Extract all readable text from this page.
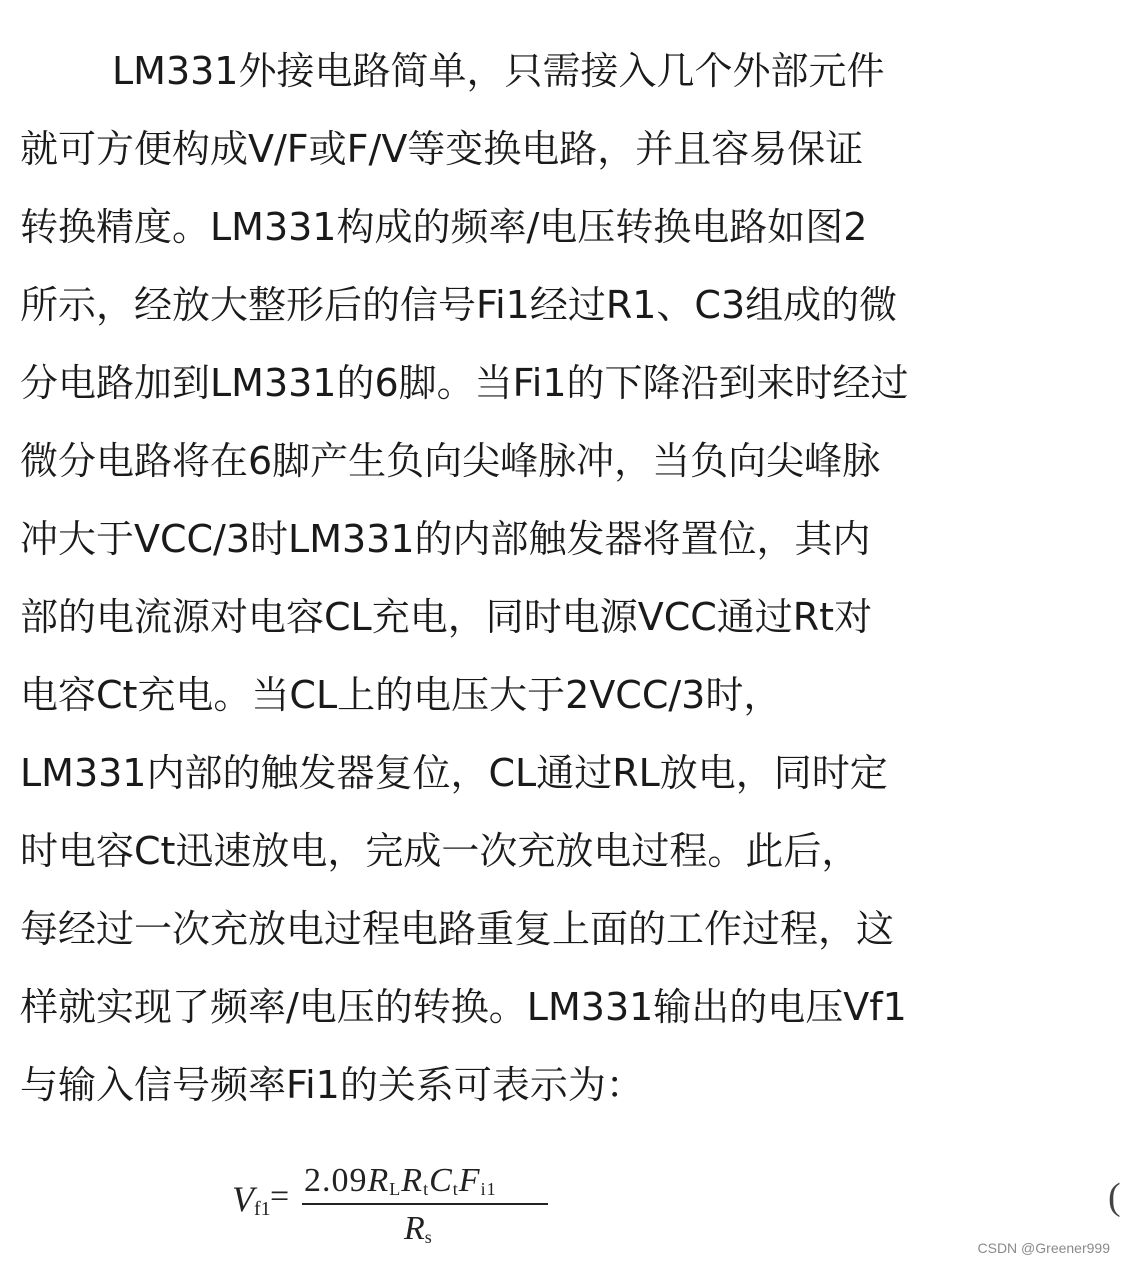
LM331外接电路简单，只需接入几个外部元件
就可方便构成V/F或F/V等变换电路，并且容易保证
转换精度。LM331构成的频率/电压转换电路如图2
所示，经放大整形后的信号Fi1经过R1、C3组成的微
分电路加到LM331的6脚。当Fi1的下降沿到来时经过
微分电路将在6脚产生负向尖峰脉冲，当负向尖峰脉
冲大于VCC/3时LM331的内部触发器将置位，其内
部的电流源对电容CL充电，同时电源VCC通过Rt对
电容Ct充电。当CL上的电压大于2VCC/3时，
LM331内部的触发器复位，CL通过RL放电，同时定
时电容Ct迅速放电，完成一次充放电过程。此后，
每经过一次充放电过程电路重复上面的工作过程，这
样就实现了频率/电压的转换。LM331输出的电压Vf1
与输入信号频率Fi1的关系可表示为：
$V_{f1} = 2.09R_LR_tC_tF_{i1}$
$R_s$
(
CSDN @Greener999
